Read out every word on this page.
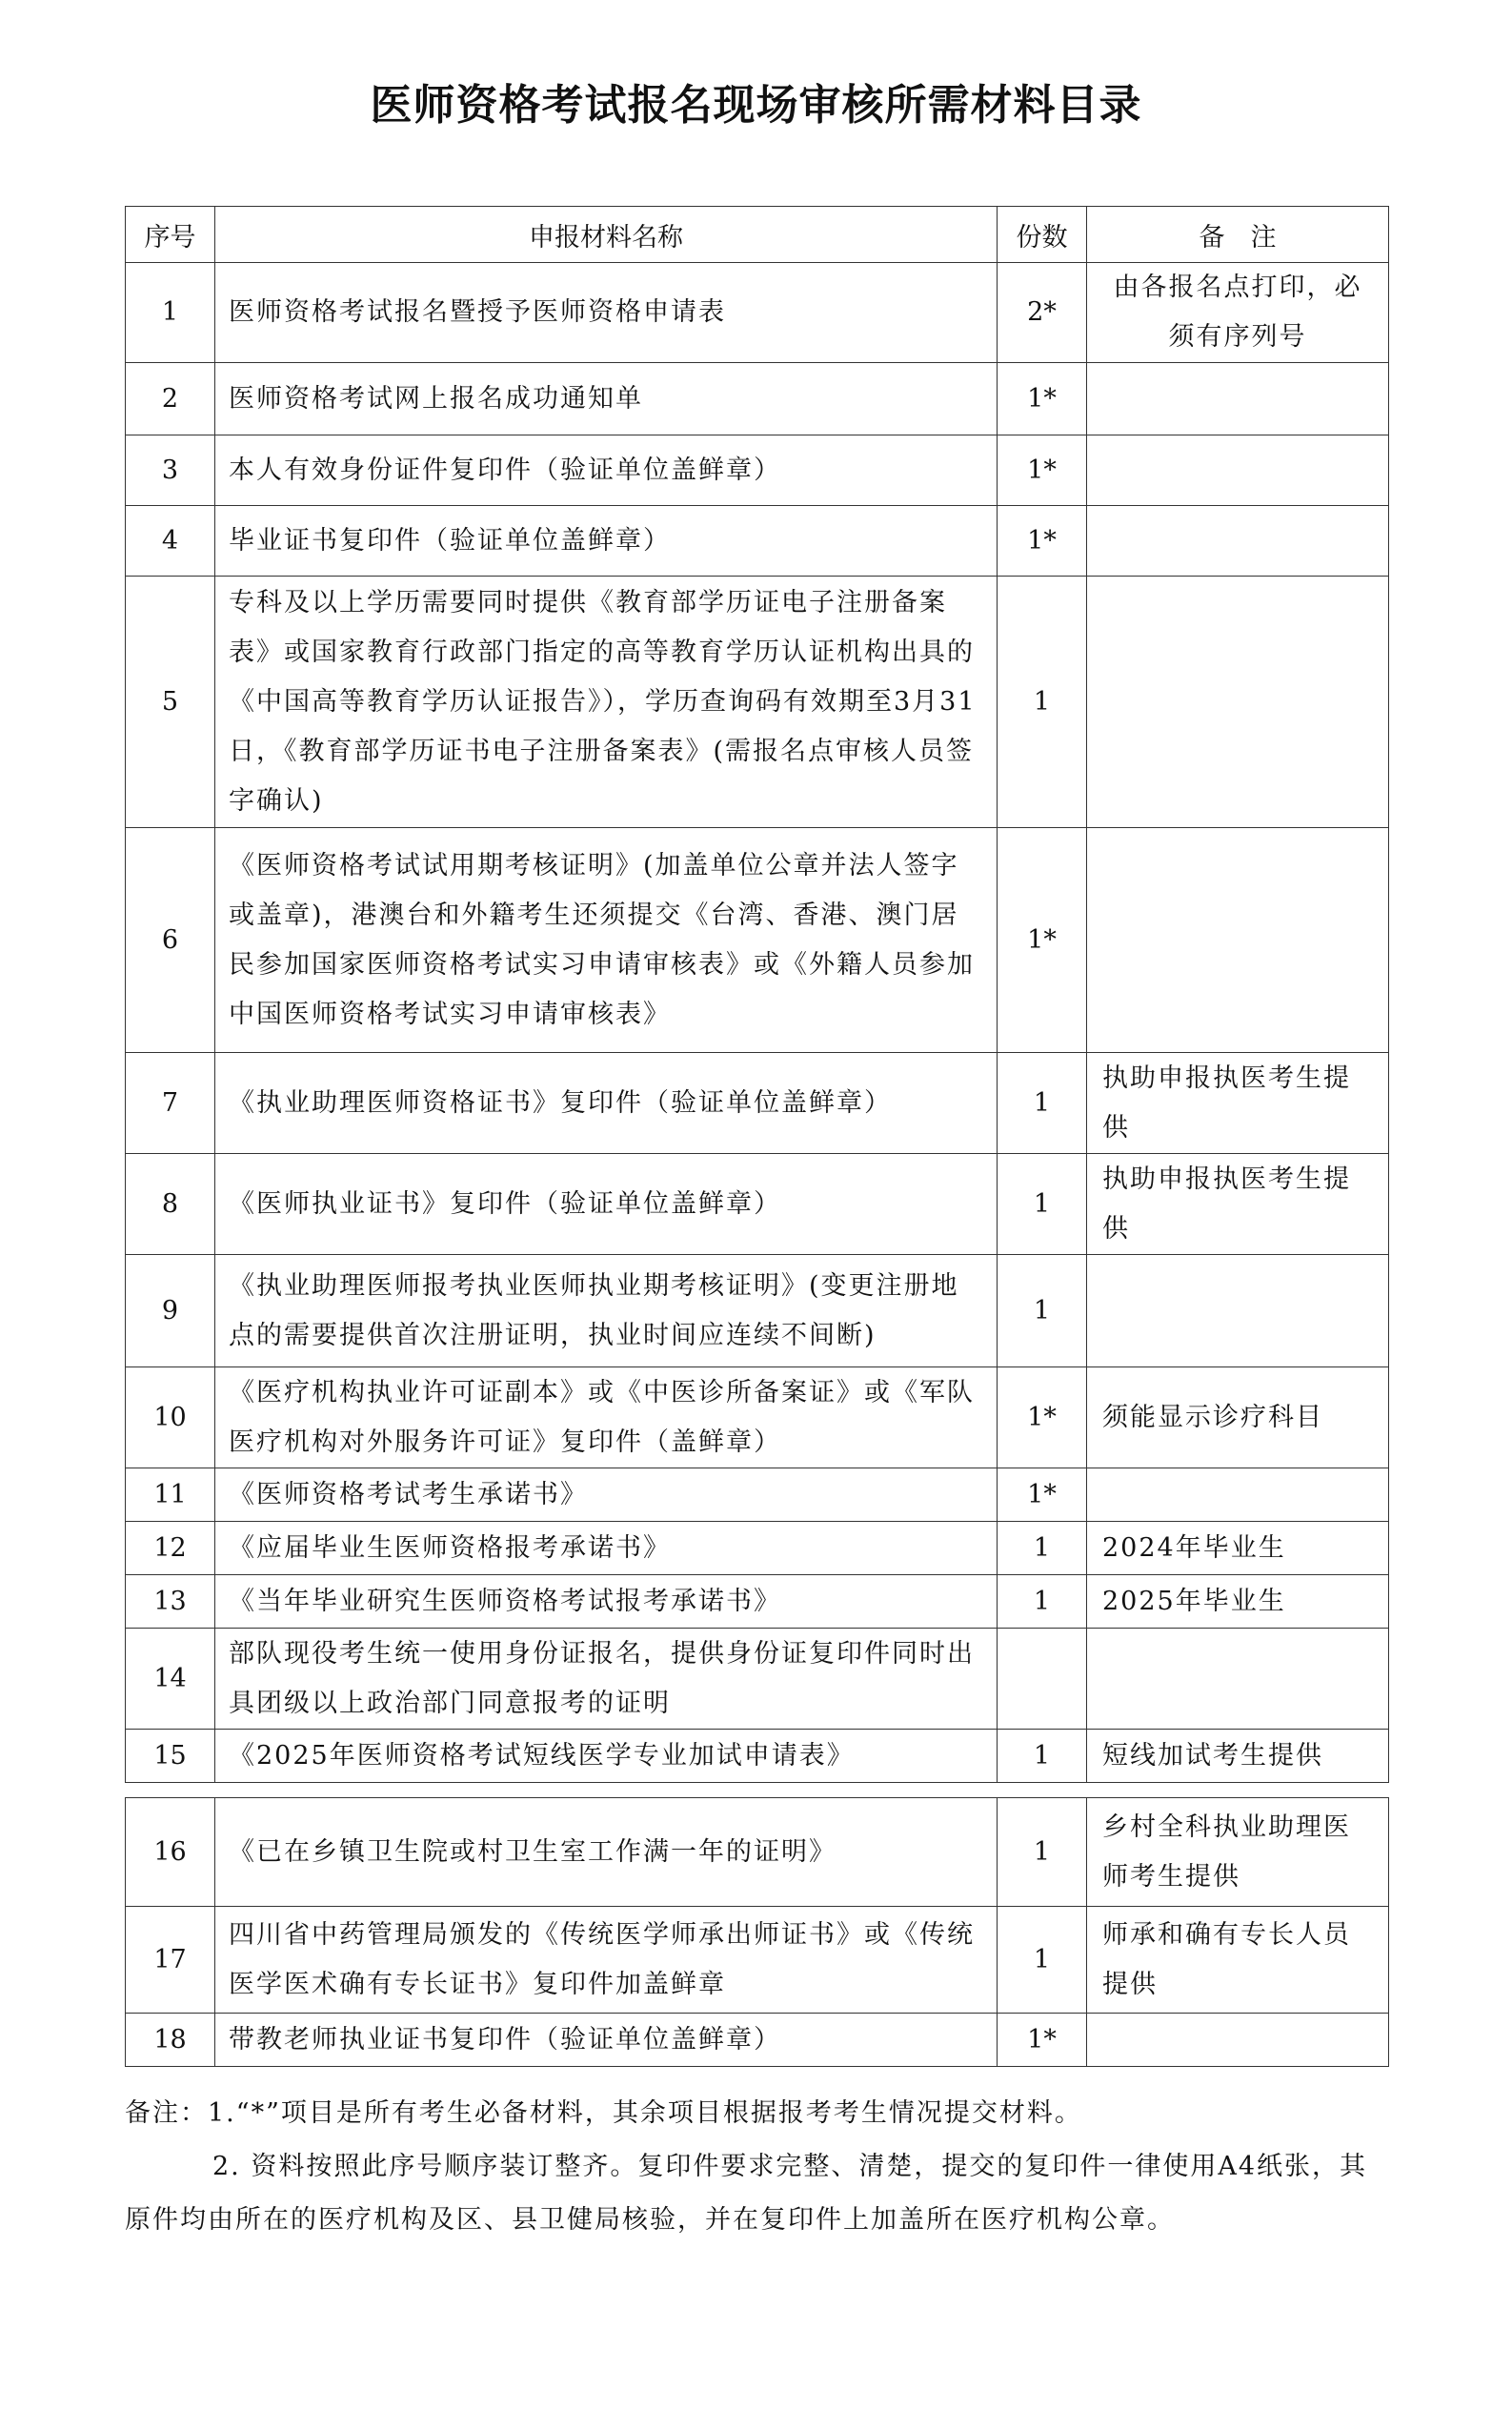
医师资格考试报名现场审核所需材料目录
序号	申报材料名称	份数	备　注
1	医师资格考试报名暨授予医师资格申请表	2*	由各报名点打印，必须有序列号
2	医师资格考试网上报名成功通知单	1*	
3	本人有效身份证件复印件（验证单位盖鲜章）	1*	
4	毕业证书复印件（验证单位盖鲜章）	1*	
5	专科及以上学历需要同时提供《教育部学历证电子注册备案表》或国家教育行政部门指定的高等教育学历认证机构出具的《中国高等教育学历认证报告》），学历查询码有效期至3月31日，《教育部学历证书电子注册备案表》(需报名点审核人员签字确认)	1	
6	《医师资格考试试用期考核证明》(加盖单位公章并法人签字或盖章)，港澳台和外籍考生还须提交《台湾、香港、澳门居民参加国家医师资格考试实习申请审核表》或《外籍人员参加中国医师资格考试实习申请审核表》	1*	
7	《执业助理医师资格证书》复印件（验证单位盖鲜章）	1	执助申报执医考生提供
8	《医师执业证书》复印件（验证单位盖鲜章）	1	执助申报执医考生提供
9	《执业助理医师报考执业医师执业期考核证明》(变更注册地点的需要提供首次注册证明，执业时间应连续不间断)	1	
10	《医疗机构执业许可证副本》或《中医诊所备案证》或《军队医疗机构对外服务许可证》复印件（盖鲜章）	1*	须能显示诊疗科目
11	《医师资格考试考生承诺书》	1*	
12	《应届毕业生医师资格报考承诺书》	1	2024年毕业生
13	《当年毕业研究生医师资格考试报考承诺书》	1	2025年毕业生
14	部队现役考生统一使用身份证报名，提供身份证复印件同时出具团级以上政治部门同意报考的证明		
15	《2025年医师资格考试短线医学专业加试申请表》	1	短线加试考生提供
16	《已在乡镇卫生院或村卫生室工作满一年的证明》	1	乡村全科执业助理医师考生提供
17	四川省中药管理局颁发的《传统医学师承出师证书》或《传统医学医术确有专长证书》复印件加盖鲜章	1	师承和确有专长人员提供
18	带教老师执业证书复印件（验证单位盖鲜章）	1*	
备注：1.“*”项目是所有考生必备材料，其余项目根据报考考生情况提交材料。
2. 资料按照此序号顺序装订整齐。复印件要求完整、清楚，提交的复印件一律使用A4纸张，其原件均由所在的医疗机构及区、县卫健局核验，并在复印件上加盖所在医疗机构公章。
